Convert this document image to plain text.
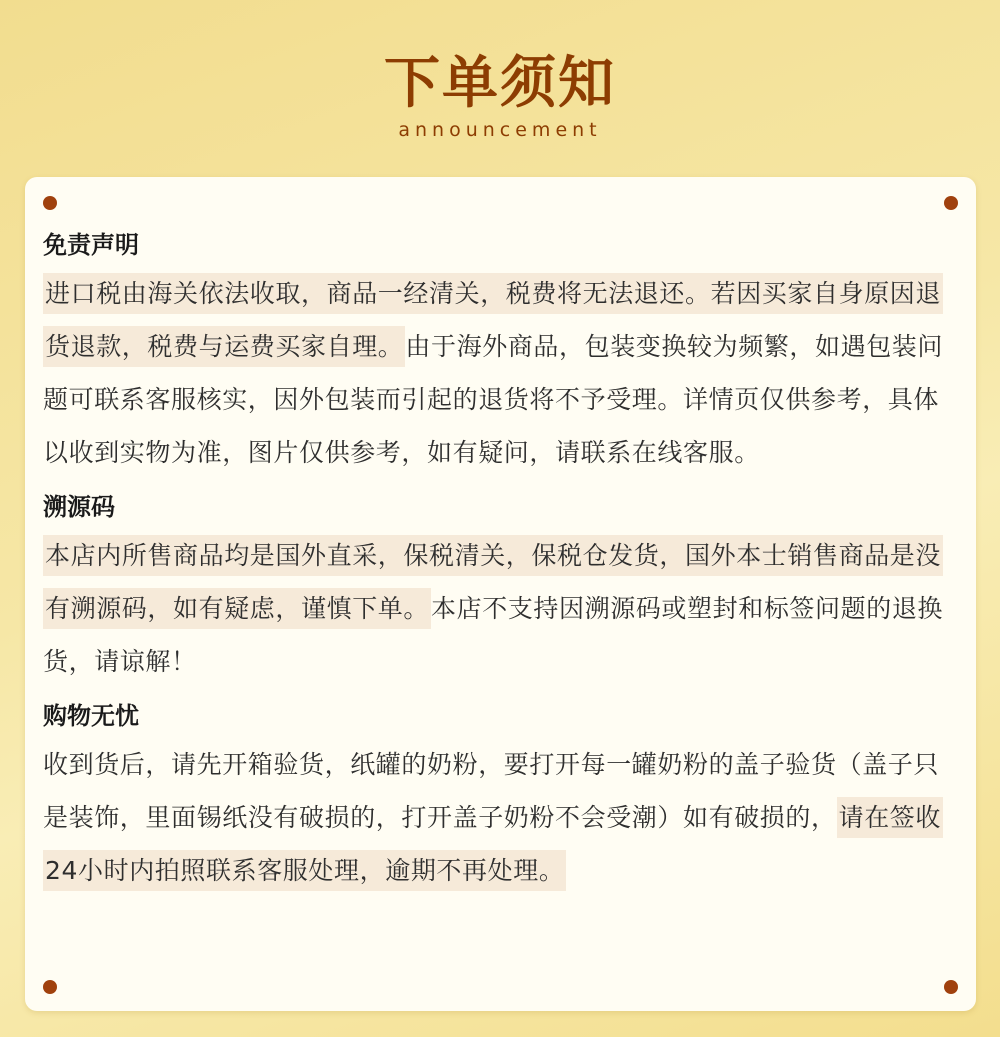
下单须知
announcement
免责声明

进口税由海关依法收取，商品一经清关，税费将无法退还。若因买家自身原因退货退款，税费与运费买家自理。由于海外商品，包装变换较为频繁，如遇包装问题可联系客服核实，因外包装而引起的退货将不予受理。详情页仅供参考，具体以收到实物为准，图片仅供参考，如有疑问，请联系在线客服。

溯源码

本店内所售商品均是国外直采，保税清关，保税仓发货，国外本士销售商品是没有溯源码，如有疑虑，谨慎下单。本店不支持因溯源码或塑封和标签问题的退换货，请谅解！

购物无忧

收到货后，请先开箱验货，纸罐的奶粉，要打开每一罐奶粉的盖子验货（盖子只是装饰，里面锡纸没有破损的，打开盖子奶粉不会受潮）如有破损的，请在签收24小时内拍照联系客服处理，逾期不再处理。
